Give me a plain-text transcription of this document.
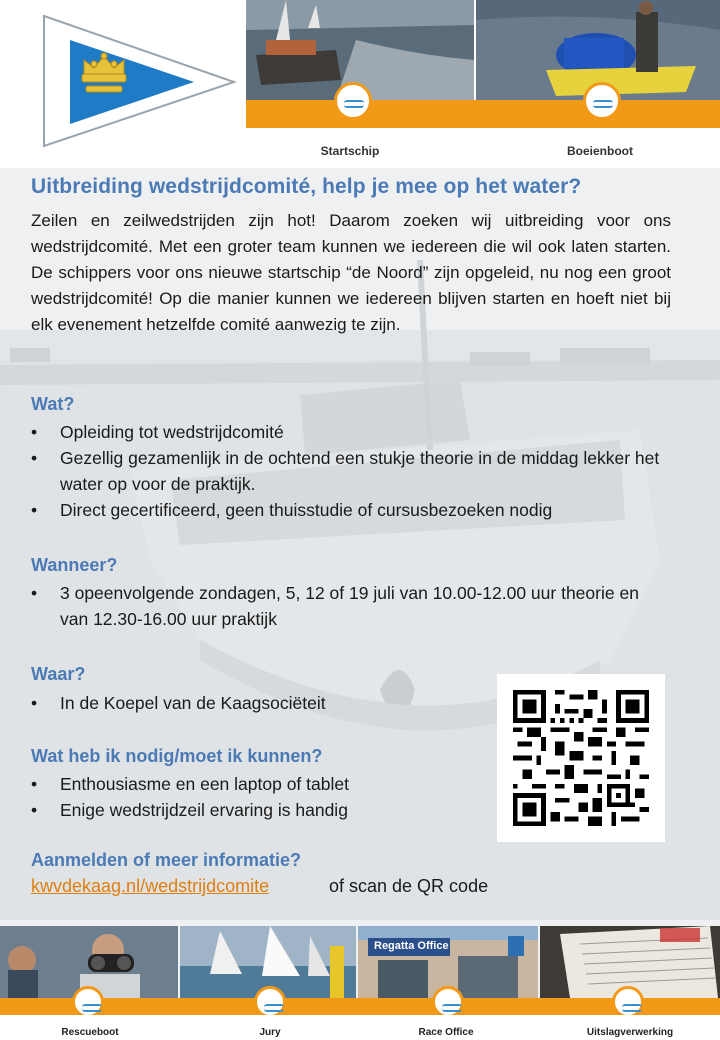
Startschip	Boeienboot
Uitbreiding wedstrijdcomité, help je mee op het water?

Zeilen en zeilwedstrijden zijn hot! Daarom zoeken wij uitbreiding voor ons wedstrijdcomité. Met een groter team kunnen we iedereen die wil ook laten starten. De schippers voor ons nieuwe startschip “de Noord” zijn opgeleid, nu nog een groot wedstrijdcomité! Op die manier kunnen we iedereen blijven starten en hoeft niet bij elk evenement hetzelfde comité aanwezig te zijn.

Wat?
• Opleiding tot wedstrijdcomité
• Gezellig gezamenlijk in de ochtend een stukje theorie in de middag lekker het water op voor de praktijk.
• Direct gecertificeerd, geen thuisstudie of cursusbezoeken nodig
Wanneer?
• 3 opeenvolgende zondagen, 5, 12 of 19 juli van 10.00-12.00 uur theorie en van 12.30-16.00 uur praktijk
Waar?
• In de Koepel van de Kaagsociëteit
Wat heb ik nodig/moet ik kunnen?
• Enthousiasme en een laptop of tablet
• Enige wedstrijdzeil ervaring is handig
Aanmelden of meer informatie?
kwvdekaag.nl/wedstrijdcomite	of scan de QR code
Regatta Office
Rescueboot	Jury	Race Office	Uitslagverwerking
